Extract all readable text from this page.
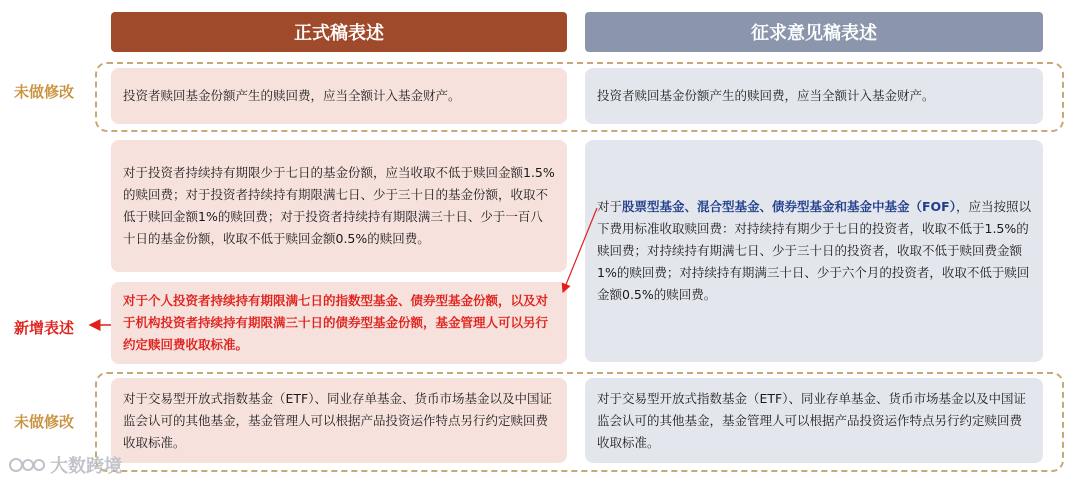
正式稿表述	征求意见稿表述
未做修改
新增表述
未做修改
投资者赎回基金份额产生的赎回费，应当全额计入基金财产。	投资者赎回基金份额产生的赎回费，应当全额计入基金财产。
对于投资者持续持有期限少于七日的基金份额，应当收取不低于赎回金额1.5%的赎回费；对于投资者持续持有期限满七日、少于三十日的基金份额，收取不低于赎回金额1%的赎回费；对于投资者持续持有期限满三十日、少于一百八十日的基金份额，收取不低于赎回金额0.5%的赎回费。
对于个人投资者持续持有期限满七日的指数型基金、债券型基金份额，以及对于机构投资者持续持有期限满三十日的债券型基金份额，基金管理人可以另行约定赎回费收取标准。
对于股票型基金、混合型基金、债券型基金和基金中基金（FOF），应当按照以下费用标准收取赎回费：对持续持有期少于七日的投资者，收取不低于1.5%的赎回费；对持续持有期满七日、少于三十日的投资者，收取不低于赎回费金额1%的赎回费；对持续持有期满三十日、少于六个月的投资者，收取不低于赎回金额0.5%的赎回费。
对于交易型开放式指数基金（ETF）、同业存单基金、货币市场基金以及中国证监会认可的其他基金，基金管理人可以根据产品投资运作特点另行约定赎回费收取标准。
对于交易型开放式指数基金（ETF）、同业存单基金、货币市场基金以及中国证监会认可的其他基金，基金管理人可以根据产品投资运作特点另行约定赎回费收取标准。
大数跨境
